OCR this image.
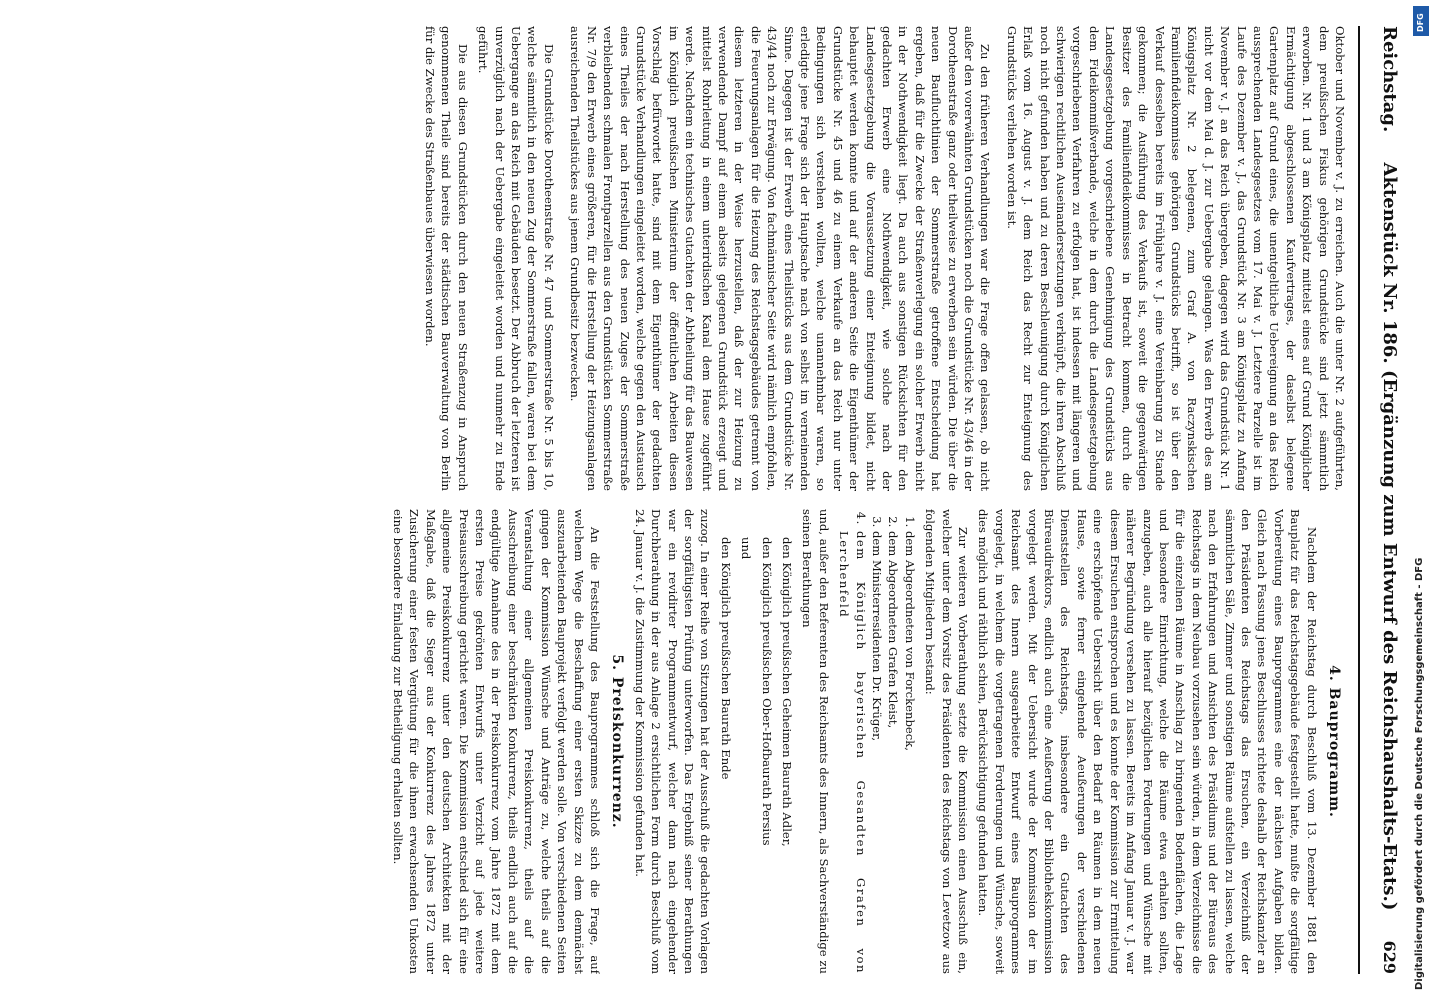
Reichstag.
Aktenstück Nr. 186. (Ergänzung zum Entwurf des Reichshaushalts-Etats.)
629

Oktober und November v. J. zu erreichen. Auch die unter Nr. 2 aufgeführten, dem preußischen Fiskus gehörigen Grundstücke sind jetzt sämmtlich erworben. Nr. 1 und 3 am Königsplatz mittelst eines auf Grund Königlicher Ermächtigung abgeschlossenen Kaufvertrages, der daselbst belegene Gartenplatz auf Grund eines, die unentgeltliche Uebereignung an das Reich aussprechenden Landesgesetzes vom 17. Mai v. J. Letztere Parzelle ist im Laufe des Dezember v. J., das Grundstück Nr. 3 am Königsplatz zu Anfang November v. J. an das Reich übergeben, dagegen wird das Grundstück Nr. 1 nicht vor dem Mai d. J. zur Uebergabe gelangen. Was den Erwerb des am Königsplatz Nr. 2 belegenen, zum Graf A. von Raczynskischen Familienfideikommisse gehörigen Grundstücks betrifft, so ist über den Verkauf desselben bereits im Frühjahre v. J. eine Vereinbarung zu Stande gekommen; die Ausführung des Verkaufs ist, soweit die gegenwärtigen Besitzer des Familienfideikommisses in Betracht kommen, durch die Landesgesetzgebung vorgeschriebene Genehmigung des Grundstücks aus dem Fideikommißverbande, welche in dem durch die Landesgesetzgebung vorgeschriebenen Verfahren zu erfolgen hat, ist indessen mit längeren und schwierigen rechtlichen Auseinandersetzungen verknüpft, die ihren Abschluß noch nicht gefunden haben und zu deren Beschleunigung durch Königlichen Erlaß vom 16. August v. J. dem Reich das Recht zur Enteignung des Grundstücks verliehen worden ist.

Zu den früheren Verhandlungen war die Frage offen gelassen, ob nicht außer den vorerwähnten Grundstücken noch die Grundstücke Nr. 43/46 in der Dorotheenstraße ganz oder theilweise zu erwerben sein würden. Die über die neuen Baufluchtlinien der Sommerstraße getroffene Entscheidung hat ergeben, daß für die Zwecke der Straßenverlegung ein solcher Erwerb nicht in der Nothwendigkeit liegt. Da auch aus sonstigen Rücksichten für den gedachten Erwerb eine Nothwendigkeit, wie solche nach der Landesgesetzgebung die Voraussetzung einer Enteignung bildet, nicht behauptet werden konnte und auf der anderen Seite die Eigenthümer der Grundstücke Nr. 45 und 46 zu einem Verkaufe an das Reich nur unter Bedingungen sich verstehen wollten, welche unannehmbar waren, so erledigte jene Frage sich der Hauptsache nach von selbst im verneinenden Sinne. Dagegen ist der Erwerb eines Theilstücks aus dem Grundstücke Nr. 43/44 noch zur Erwägung. Von fachmännischer Seite wird nämlich empfohlen, die Feuerungsanlagen für die Heizung des Reichstagsgebäudes getrennt von diesem letzteren in der Weise herzustellen, daß der zur Heizung zu verwendende Dampf auf einem abseits gelegenen Grundstück erzeugt und mittelst Rohrleitung in einem unterirdischen Kanal dem Hause zugeführt werde. Nachdem ein technisches Gutachten der Abtheilung für das Bauwesen im Königlich preußischen Ministerium der öffentlichen Arbeiten diesen Vorschlag befürwortet hatte, sind mit dem Eigenthümer der gedachten Grundstücke Verhandlungen eingeleitet worden, welche gegen den Austausch eines Theiles der nach Herstellung des neuen Zuges der Sommerstraße verbleibenden schmalen Frontparzellen aus den Grundstücken Sommerstraße Nr. 7/9 den Erwerb eines größeren, für die Herstellung der Heizungsanlagen ausreichenden Theilstückes aus jenem Grundbesitz bezwecken.

Die Grundstücke Dorotheenstraße Nr. 47 und Sommerstraße Nr. 5 bis 10, welche sämmtlich in den neuen Zug der Sommerstraße fallen, waren bei dem Uebergange an das Reich mit Gebäuden besetzt. Der Abbruch der letzteren ist unverzüglich nach der Uebergabe eingeleitet worden und nunmehr zu Ende geführt.

Die aus diesen Grundstücken durch den neuen Straßenzug in Anspruch genommenen Theile sind bereits der städtischen Bauverwaltung von Berlin für die Zwecke des Straßenbaues überwiesen worden.

4. Bauprogramm.

Nachdem der Reichstag durch Beschluß vom 13. Dezember 1881 den Bauplatz für das Reichstagsgebäude festgestellt hatte, mußte die sorgfältige Vorbereitung eines Bauprogrammes eine der nächsten Aufgaben bilden. Gleich nach Fassung jenes Beschlusses richtete deshalb der Reichskanzler an den Präsidenten des Reichstags das Ersuchen, ein Verzeichniß der sämmtlichen Säle, Zimmer und sonstigen Räume aufstellen zu lassen, welche nach den Erfahrungen und Ansichten des Präsidiums und der Büreaus des Reichstags in dem Neubau vorzusehen sein würden, in dem Verzeichnisse die für die einzelnen Räume in Anschlag zu bringenden Bodenflächen, die Lage und besondere Einrichtung, welche die Räume etwa erhalten sollten, anzugeben, auch alle hierauf bezüglichen Forderungen und Wünsche mit näherer Begründung versehen zu lassen. Bereits im Anfang Januar v. J. war diesem Ersuchen entsprochen und es konnte der Kommission zur Ermittelung eine erschöpfende Uebersicht über den Bedarf an Räumen in dem neuen Hause, sowie ferner eingehende Aeußerungen der verschiedenen Dienststellen des Reichstags, insbesondere ein Gutachten des Büreaudirektors, endlich auch eine Aeußerung der Bibliothekskommission vorgelegt werden. Mit der Uebersicht wurde der Kommission der im Reichsamt des Innern ausgearbeitete Entwurf eines Bauprogrammes vorgelegt, in welchem die vorgetragenen Forderungen und Wünsche, soweit dies möglich und räthlich schien, Berücksichtigung gefunden hatten.

Zur weiteren Vorberathung setzte die Kommission einen Ausschuß ein, welcher unter dem Vorsitz des Präsidenten des Reichstags von Levetzow aus folgenden Mitgliedern bestand:

1. dem Abgeordneten von Forckenbeck,
2. dem Abgeordneten Grafen Kleist,
3. dem Ministerresidenten Dr. Krüger,
4. dem Königlich bayerischen Gesandten Grafen von Lerchenfeld

und, außer den Referenten des Reichsamts des Innern, als Sachverständige zu seinen Berathungen

den Königlich preußischen Geheimen Baurath Adler,

den Königlich preußischen Ober-Hofbaurath Persius

und

den Königlich preußischen Baurath Ende

zuzog. In einer Reihe von Sitzungen hat der Ausschuß die gedachten Vorlagen der sorgfältigsten Prüfung unterworfen. Das Ergebniß seiner Berathungen war ein revidirter Programmentwurf, welcher dann nach eingehender Durchberathung in der aus Anlage 2 ersichtlichen Form durch Beschluß vom 24. Januar v. J. die Zustimmung der Kommission gefunden hat.

5. Preiskonkurrenz.

An die Feststellung des Bauprogrammes schloß sich die Frage, auf welchem Wege die Beschaffung einer ersten Skizze zu dem demnächst auszuarbeitenden Bauprojekt verfolgt werden solle. Von verschiedenen Seiten gingen der Kommission Wünsche und Anträge zu, welche theils auf die Veranstaltung einer allgemeinen Preiskonkurrenz, theils auf die Ausschreibung einer beschränkten Konkurrenz, theils endlich auch auf die endgültige Annahme des in der Preiskonkurrenz vom Jahre 1872 mit dem ersten Preise gekrönten Entwurfs unter Verzicht auf jede weitere Preisausschreibung gerichtet waren. Die Kommission entschied sich für eine allgemeine Preiskonkurrenz unter den deutschen Architekten mit der Maßgabe, daß die Sieger aus der Konkurrenz des Jahres 1872 unter Zusicherung einer festen Vergütung für die ihnen erwachsenden Unkosten eine besondere Einladung zur Betheiligung erhalten sollten.

DFG
Digitalisierung gefördert durch die Deutsche Forschungsgemeinschaft - DFG
